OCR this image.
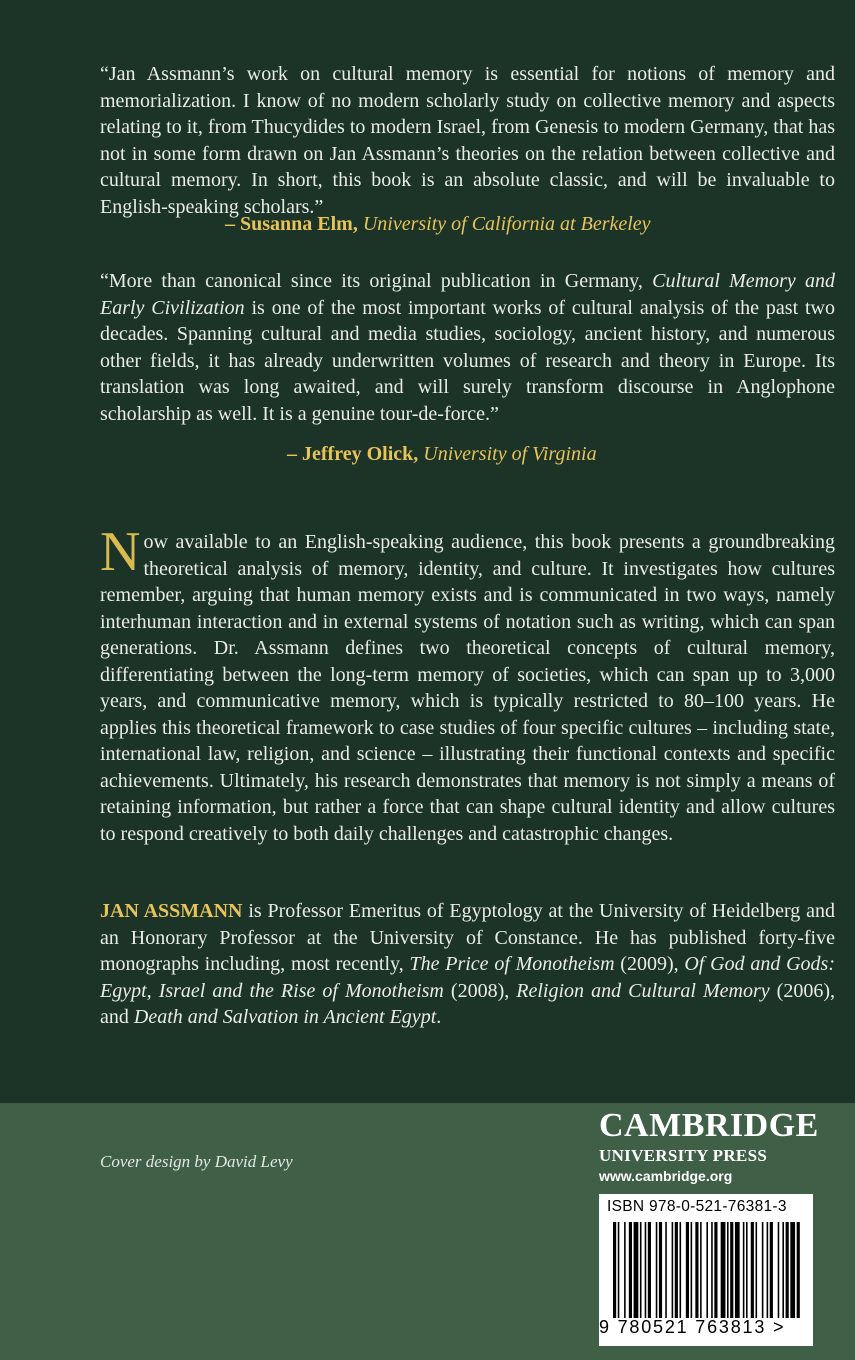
“Jan Assmann’s work on cultural memory is essential for notions of memory and memorialization. I know of no modern scholarly study on collective memory and aspects relating to it, from Thucydides to modern Israel, from Genesis to modern Germany, that has not in some form drawn on Jan Assmann’s theories on the relation between collective and cultural memory. In short, this book is an absolute classic, and will be invaluable to English-speaking scholars.”

– Susanna Elm, University of California at Berkeley

“More than canonical since its original publication in Germany, Cultural Memory and Early Civilization is one of the most important works of cultural analysis of the past two decades. Spanning cultural and media studies, sociology, ancient history, and numerous other fields, it has already underwritten volumes of research and theory in Europe. Its translation was long awaited, and will surely transform discourse in Anglophone scholarship as well. It is a genuine tour-de-force.”

– Jeffrey Olick, University of Virginia

Now available to an English-speaking audience, this book presents a groundbreaking theoretical analysis of memory, identity, and culture. It investigates how cultures remember, arguing that human memory exists and is communicated in two ways, namely interhuman interaction and in external systems of notation such as writing, which can span generations. Dr. Assmann defines two theoretical concepts of cultural memory, differentiating between the long-term memory of societies, which can span up to 3,000 years, and communicative memory, which is typically restricted to 80–100 years. He applies this theoretical framework to case studies of four specific cultures – including state, international law, religion, and science – illustrating their functional contexts and specific achievements. Ultimately, his research demonstrates that memory is not simply a means of retaining information, but rather a force that can shape cultural identity and allow cultures to respond creatively to both daily challenges and catastrophic changes.

JAN ASSMANN is Professor Emeritus of Egyptology at the University of Heidelberg and an Honorary Professor at the University of Constance. He has published forty-five monographs including, most recently, The Price of Monotheism (2009), Of God and Gods: Egypt, Israel and the Rise of Monotheism (2008), Religion and Cultural Memory (2006), and Death and Salvation in Ancient Egypt.

Cover design by David Levy
CAMBRIDGE
UNIVERSITY PRESS
www.cambridge.org
ISBN 978-0-521-76381-3
9 780521 763813 >
